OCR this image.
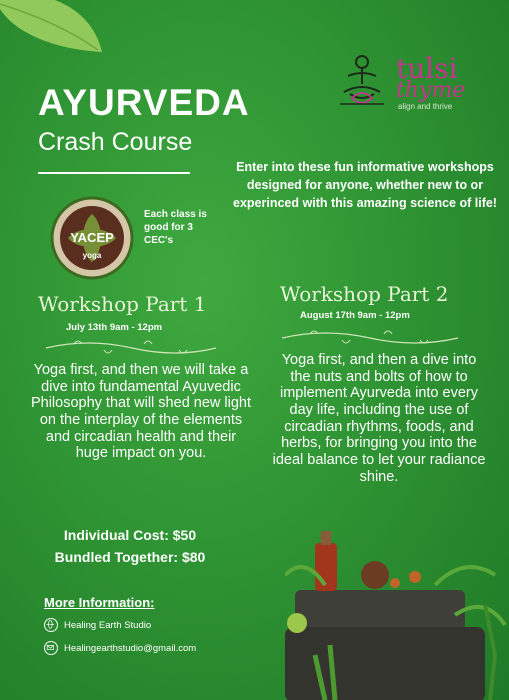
AYURVEDA
Crash Course
tulsi
thyme
align and thrive
Enter into these fun informative workshops designed for anyone, whether new to or experinced with this amazing science of life!
YACEP
yoga
Each class is good for 3 CEC's
Workshop Part 1
July 13th 9am - 12pm
Yoga first, and then we will take a dive into fundamental Ayuvedic Philosophy that will shed new light on the interplay of the elements and circadian health and their huge impact on you.
Workshop Part 2
August 17th 9am - 12pm
Yoga first, and then a dive into the nuts and bolts of how to implement Ayurveda into every day life, including the use of circadian rhythms, foods, and herbs, for bringing you into the ideal balance to let your radiance shine.
Individual Cost: $50
Bundled Together: $80
More Information:
Healing Earth Studio
Healingearthstudio@gmail.com
